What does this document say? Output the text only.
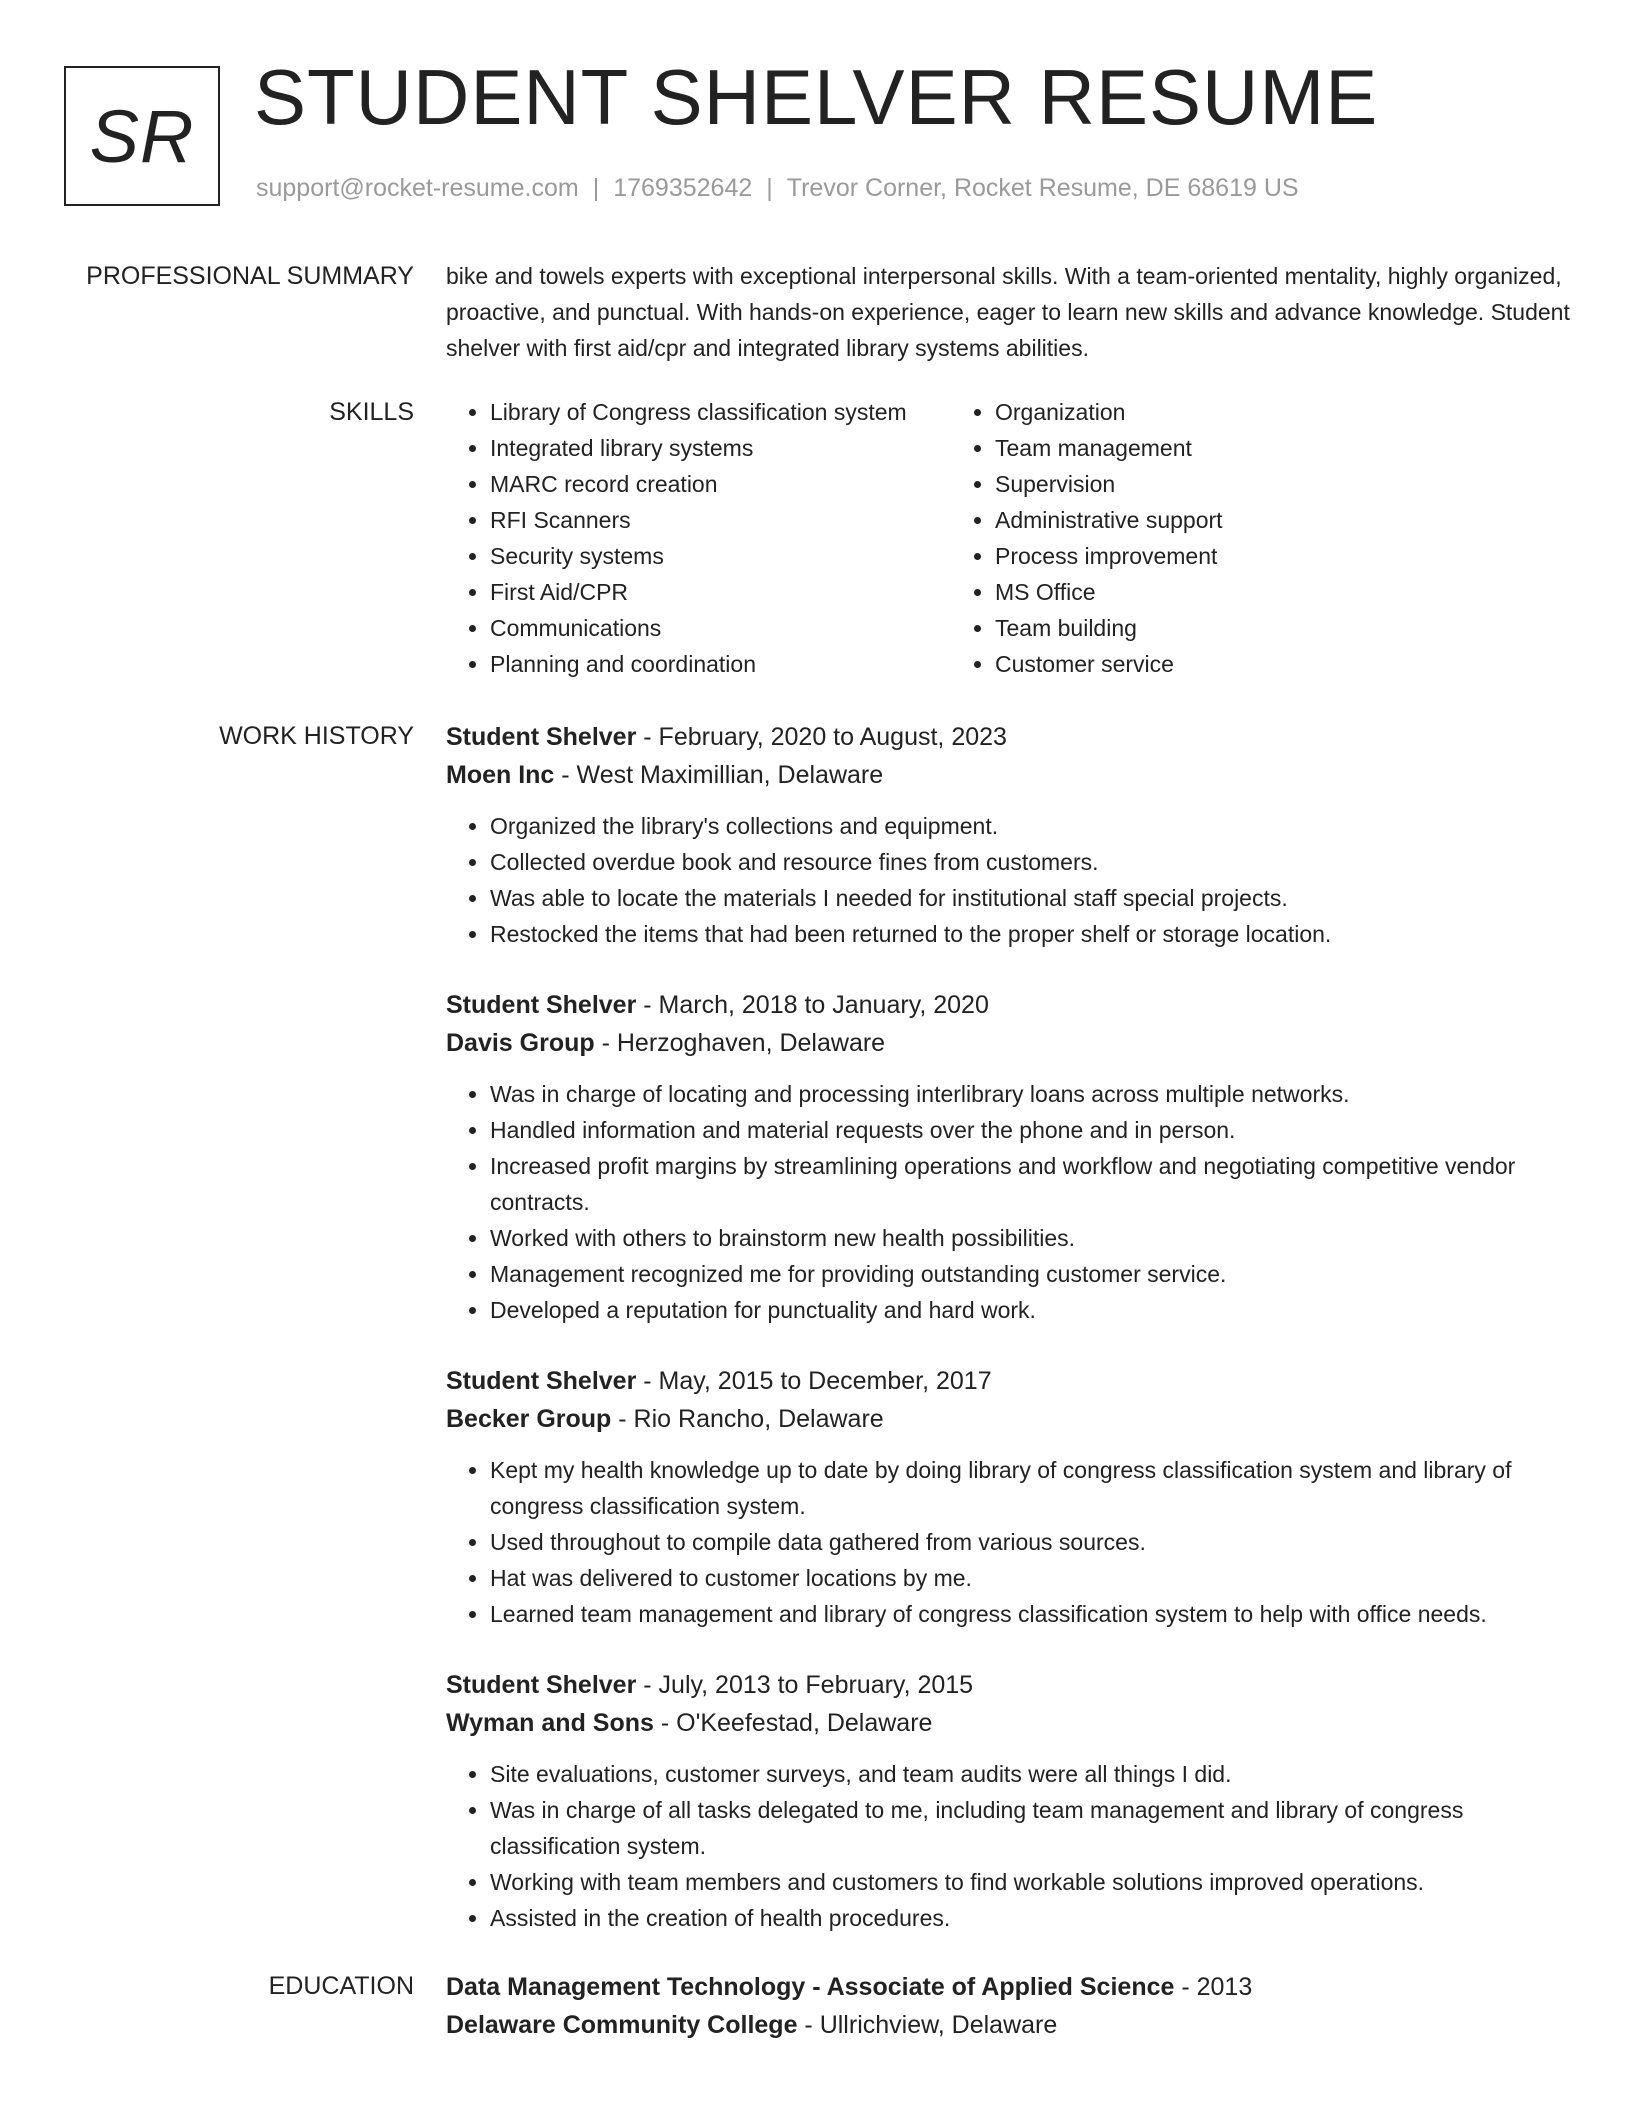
SR STUDENT SHELVER RESUME
support@rocket-resume.com | 1769352642 | Trevor Corner, Rocket Resume, DE 68619 US
PROFESSIONAL SUMMARY bike and towels experts with exceptional interpersonal skills. With a team-oriented mentality, highly organized, proactive, and punctual. With hands-on experience, eager to learn new skills and advance knowledge. Student shelver with first aid/cpr and integrated library systems abilities.

SKILLS
•	Library of Congress classification system
• Integrated library systems
• MARC record creation
• RFI Scanners
• Security systems
• First Aid/CPR
• Communications
• Planning and coordination
• Organization
• Team management
• Supervision
• Administrative support
• Process improvement
• MS Office
• Team building
• Customer service
WORK HISTORY Student Shelver - February, 2020 to August, 2023
Moen Inc - West Maximillian, Delaware
• Organized the library's collections and equipment.
• Collected overdue book and resource fines from customers.
• Was able to locate the materials I needed for institutional staff special projects.
• Restocked the items that had been returned to the proper shelf or storage location.
Student Shelver - March, 2018 to January, 2020
Davis Group - Herzoghaven, Delaware
• Was in charge of locating and processing interlibrary loans across multiple networks.
• Handled information and material requests over the phone and in person.
• Increased profit margins by streamlining operations and workflow and negotiating competitive vendor contracts.
• Worked with others to brainstorm new health possibilities.
• Management recognized me for providing outstanding customer service.
• Developed a reputation for punctuality and hard work.
Student Shelver - May, 2015 to December, 2017
Becker Group - Rio Rancho, Delaware
• Kept my health knowledge up to date by doing library of congress classification system and library of congress classification system.
• Used throughout to compile data gathered from various sources.
• Hat was delivered to customer locations by me.
• Learned team management and library of congress classification system to help with office needs.
Student Shelver - July, 2013 to February, 2015
Wyman and Sons - O'Keefestad, Delaware
• Site evaluations, customer surveys, and team audits were all things I did.
• Was in charge of all tasks delegated to me, including team management and library of congress classification system.
• Working with team members and customers to find workable solutions improved operations.
• Assisted in the creation of health procedures.
EDUCATION Data Management Technology - Associate of Applied Science - 2013
Delaware Community College - Ullrichview, Delaware
